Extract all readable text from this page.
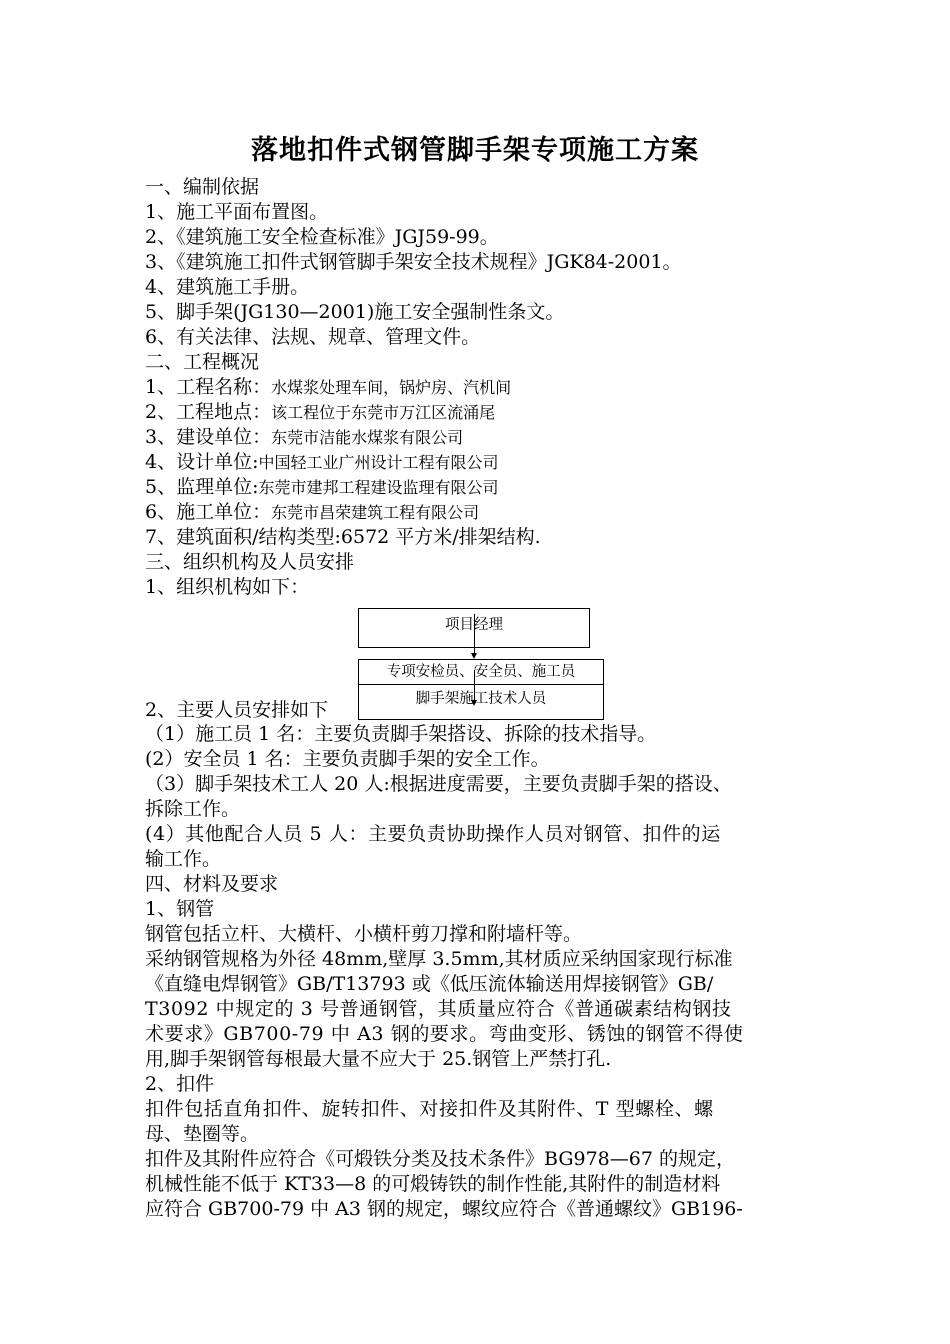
落地扣件式钢管脚手架专项施工方案
一、编制依据
1、施工平面布置图。
2、《建筑施工安全检查标准》JGJ59-99。
3、《建筑施工扣件式钢管脚手架安全技术规程》JGK84-2001。
4、建筑施工手册。
5、脚手架(JG130—2001)施工安全强制性条文。
6、有关法律、法规、规章、管理文件。
二、工程概况
1、工程名称：水煤浆处理车间，锅炉房、汽机间
2、工程地点：该工程位于东莞市万江区流涌尾
3、建设单位：东莞市洁能水煤浆有限公司
4、设计单位:中国轻工业广州设计工程有限公司
5、监理单位:东莞市建邦工程建设监理有限公司
6、施工单位：东莞市昌荣建筑工程有限公司
7、建筑面积/结构类型:6572 平方米/排架结构.
三、组织机构及人员安排
1、组织机构如下：
项目经理
专项安检员、安全员、施工员
脚手架施工技术人员
2、主要人员安排如下
（1）施工员 1 名：主要负责脚手架搭设、拆除的技术指导。
(2）安全员 1 名：主要负责脚手架的安全工作。
（3）脚手架技术工人 20 人:根据进度需要，主要负责脚手架的搭设、
拆除工作。
(4）其他配合人员 5 人：主要负责协助操作人员对钢管、扣件的运
输工作。
四、材料及要求
1、钢管
钢管包括立杆、大横杆、小横杆剪刀撑和附墙杆等。
采纳钢管规格为外径 48mm,壁厚 3.5mm,其材质应采纳国家现行标准
《直缝电焊钢管》GB/T13793 或《低压流体输送用焊接钢管》GB/
T3092 中规定的 3 号普通钢管，其质量应符合《普通碳素结构钢技
术要求》GB700-79 中 A3 钢的要求。弯曲变形、锈蚀的钢管不得使
用,脚手架钢管每根最大量不应大于 25.钢管上严禁打孔.
2、扣件
扣件包括直角扣件、旋转扣件、对接扣件及其附件、T 型螺栓、螺
母、垫圈等。
扣件及其附件应符合《可煅铁分类及技术条件》BG978—67 的规定，
机械性能不低于 KT33—8 的可煅铸铁的制作性能,其附件的制造材料
应符合 GB700-79 中 A3 钢的规定，螺纹应符合《普通螺纹》GB196-
